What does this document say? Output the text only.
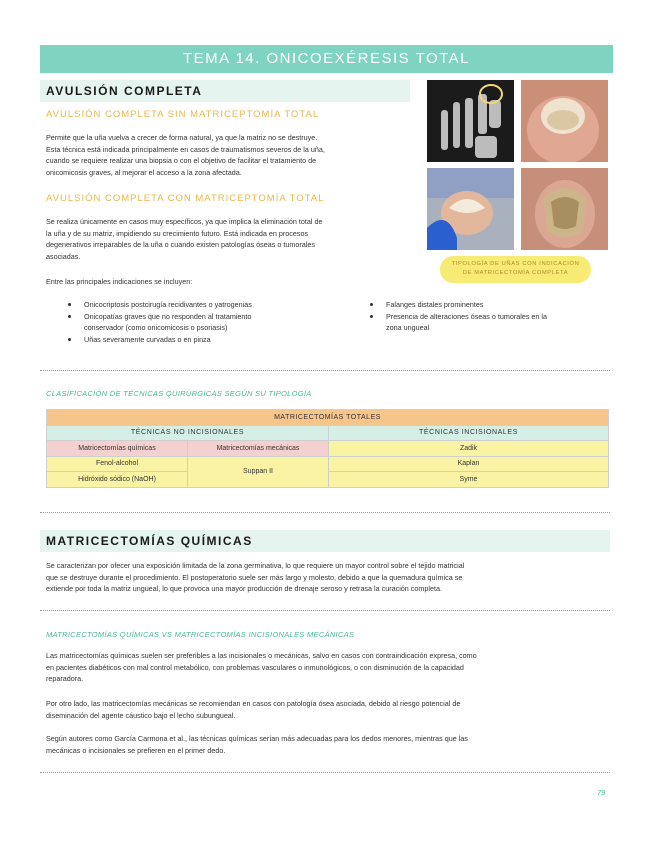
TEMA 14. ONICOEXÉRESIS TOTAL
AVULSIÓN COMPLETA
AVULSIÓN COMPLETA SIN MATRICEPTOMÍA TOTAL
Permite que la uña vuelva a crecer de forma natural, ya que la matriz no se destruye.
Esta técnica está indicada principalmente en casos de traumatismos severos de la uña,
cuando se requiere realizar una biopsia o con el objetivo de facilitar el tratamiento de
onicomicosis graves, al mejorar el acceso a la zona afectada.
AVULSIÓN COMPLETA CON MATRICEPTOMÍA TOTAL
Se realiza únicamente en casos muy específicos, ya que implica la eliminación total de
la uña y de su matriz, impidiendo su crecimiento futuro. Está indicada en procesos
degenerativos irreparables de la uña o cuando existen patologías óseas o tumorales
asociadas.
Entre las principales indicaciones se incluyen:
Onicocriptosis postcirugía recidivantes o yatrogenias
Onicopatías graves que no responden al tratamiento
conservador (como onicomicosis o psoriasis)
Uñas severamente curvadas o en pinza
Falanges distales prominentes
Presencia de alteraciones óseas o tumorales en la
zona ungueal
TIPOLOGÍA DE UÑAS CON INDICACIÓN
DE MATRICECTOMÍA COMPLETA
CLASIFICACIÓN DE TÉCNICAS QUIRÚRGICAS SEGÚN SU TIPOLOGÍA
MATRICECTOMÍAS TOTALES		
TÉCNICAS NO INCISIONALES		TÉCNICAS INCISIONALES
Matricectomías químicas	Matricectomías mecánicas	Zadik
Fenol-alcohol	Suppan II	Kaplan
Hidróxido sódico (NaOH)		Syme
MATRICECTOMÍAS QUÍMICAS
Se caracterizan por ofecer una exposición limitada de la zona germinativa, lo que requiere un mayor control sobre el tejido matricial
que se destruye durante el procedimiento. El postoperatorio suele ser más largo y molesto, debido a que la quemadura química se
extiende por toda la matriz ungueal, lo que provoca una mayor producción de drenaje seroso y retrasa la curación completa.
MATRICECTOMÍAS QUÍMICAS VS MATRICECTOMÍAS INCISIONALES MECÁNICAS
Las matricectomías químicas suelen ser preferibles a las incisionales o mecánicas, salvo en casos con contraindicación expresa, como
en pacientes diabéticos con mal control metabólico, con problemas vasculares o inmunológicos, o con disminución de la capacidad
reparadora.
Por otro lado, las matricectomías mecánicas se recomiendan en casos con patología ósea asociada, debido al riesgo potencial de
diseminación del agente cáustico bajo el lecho subungueal.
Según autores como García Carmona et al., las técnicas químicas serían más adecuadas para los dedos menores, mientras que las
mecánicas o incisionales se prefieren en el primer dedo.
79
